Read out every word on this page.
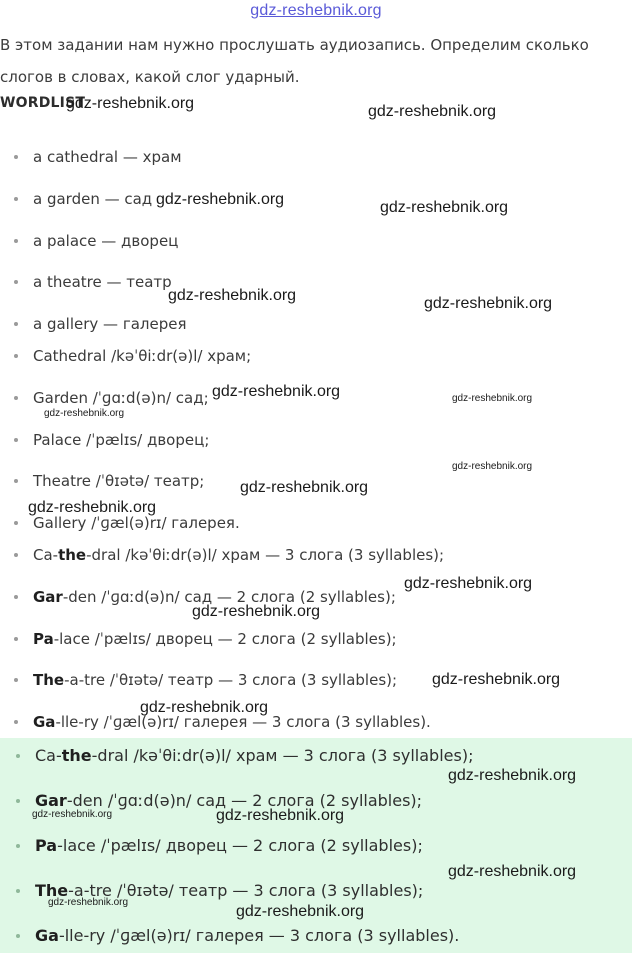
gdz-reshebnik.org
В этом задании нам нужно прослушать аудиозапись. Определим сколько слогов в словах, какой слог ударный.
WORDLIST
a cathedral — храм
a garden — сад
a palace — дворец
a theatre — театр
a gallery — галерея
Cathedral /kəˈθiːdr(ə)l/ храм;
Garden /ˈɡɑːd(ə)n/ сад;
Palace /ˈpælɪs/ дворец;
Theatre /ˈθɪətə/ театр;
Gallery /ˈɡæl(ə)rɪ/ галерея.
Ca-the-dral /kəˈθiːdr(ə)l/ храм — 3 слога (3 syllables);
Gar-den /ˈɡɑːd(ə)n/ сад — 2 слога (2 syllables);
Pa-lace /ˈpælɪs/ дворец — 2 слога (2 syllables);
The-a-tre /ˈθɪətə/ театр — 3 слога (3 syllables);
Ga-lle-ry /ˈɡæl(ə)rɪ/ галерея — 3 слога (3 syllables).
Ca-the-dral /kəˈθiːdr(ə)l/ храм — 3 слога (3 syllables);
Gar-den /ˈɡɑːd(ə)n/ сад — 2 слога (2 syllables);
Pa-lace /ˈpælɪs/ дворец — 2 слога (2 syllables);
The-a-tre /ˈθɪətə/ театр — 3 слога (3 syllables);
Ga-lle-ry /ˈɡæl(ə)rɪ/ галерея — 3 слога (3 syllables).
gdz-reshebnik.org	gdz-reshebnik.org
gdz-reshebnik.org	gdz-reshebnik.org
gdz-reshebnik.org	gdz-reshebnik.org
gdz-reshebnik.org
gdz-reshebnik.org
gdz-reshebnik.org
gdz-reshebnik.org
gdz-reshebnik.org
gdz-reshebnik.org
gdz-reshebnik.org
gdz-reshebnik.org
gdz-reshebnik.org
gdz-reshebnik.org
gdz-reshebnik.org
gdz-reshebnik.org	gdz-reshebnik.org
gdz-reshebnik.org
gdz-reshebnik.org
gdz-reshebnik.org
